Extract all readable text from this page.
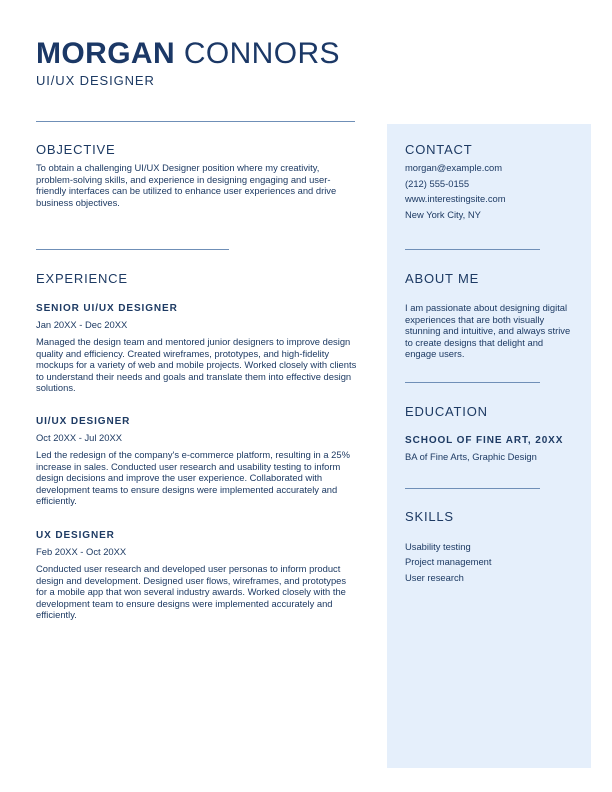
MORGAN CONNORS
UI/UX DESIGNER
OBJECTIVE
To obtain a challenging UI/UX Designer position where my creativity, problem-solving skills, and experience in designing engaging and user-friendly interfaces can be utilized to enhance user experiences and drive business objectives.
EXPERIENCE
SENIOR UI/UX DESIGNER
Jan 20XX - Dec 20XX
Managed the design team and mentored junior designers to improve design quality and efficiency. Created wireframes, prototypes, and high-fidelity mockups for a variety of web and mobile projects. Worked closely with clients to understand their needs and goals and translate them into effective design solutions.
UI/UX DESIGNER
Oct 20XX - Jul 20XX
Led the redesign of the company's e-commerce platform, resulting in a 25% increase in sales. Conducted user research and usability testing to inform design decisions and improve the user experience. Collaborated with development teams to ensure designs were implemented accurately and efficiently.
UX DESIGNER
Feb 20XX - Oct 20XX
Conducted user research and developed user personas to inform product design and development. Designed user flows, wireframes, and prototypes for a mobile app that won several industry awards. Worked closely with the development team to ensure designs were implemented accurately and efficiently.
CONTACT
morgan@example.com
(212) 555-0155
www.interestingsite.com
New York City, NY
ABOUT ME
I am passionate about designing digital experiences that are both visually stunning and intuitive, and always strive to create designs that delight and engage users.
EDUCATION
SCHOOL OF FINE ART, 20XX
BA of Fine Arts, Graphic Design
SKILLS
Usability testing
Project management
User research
